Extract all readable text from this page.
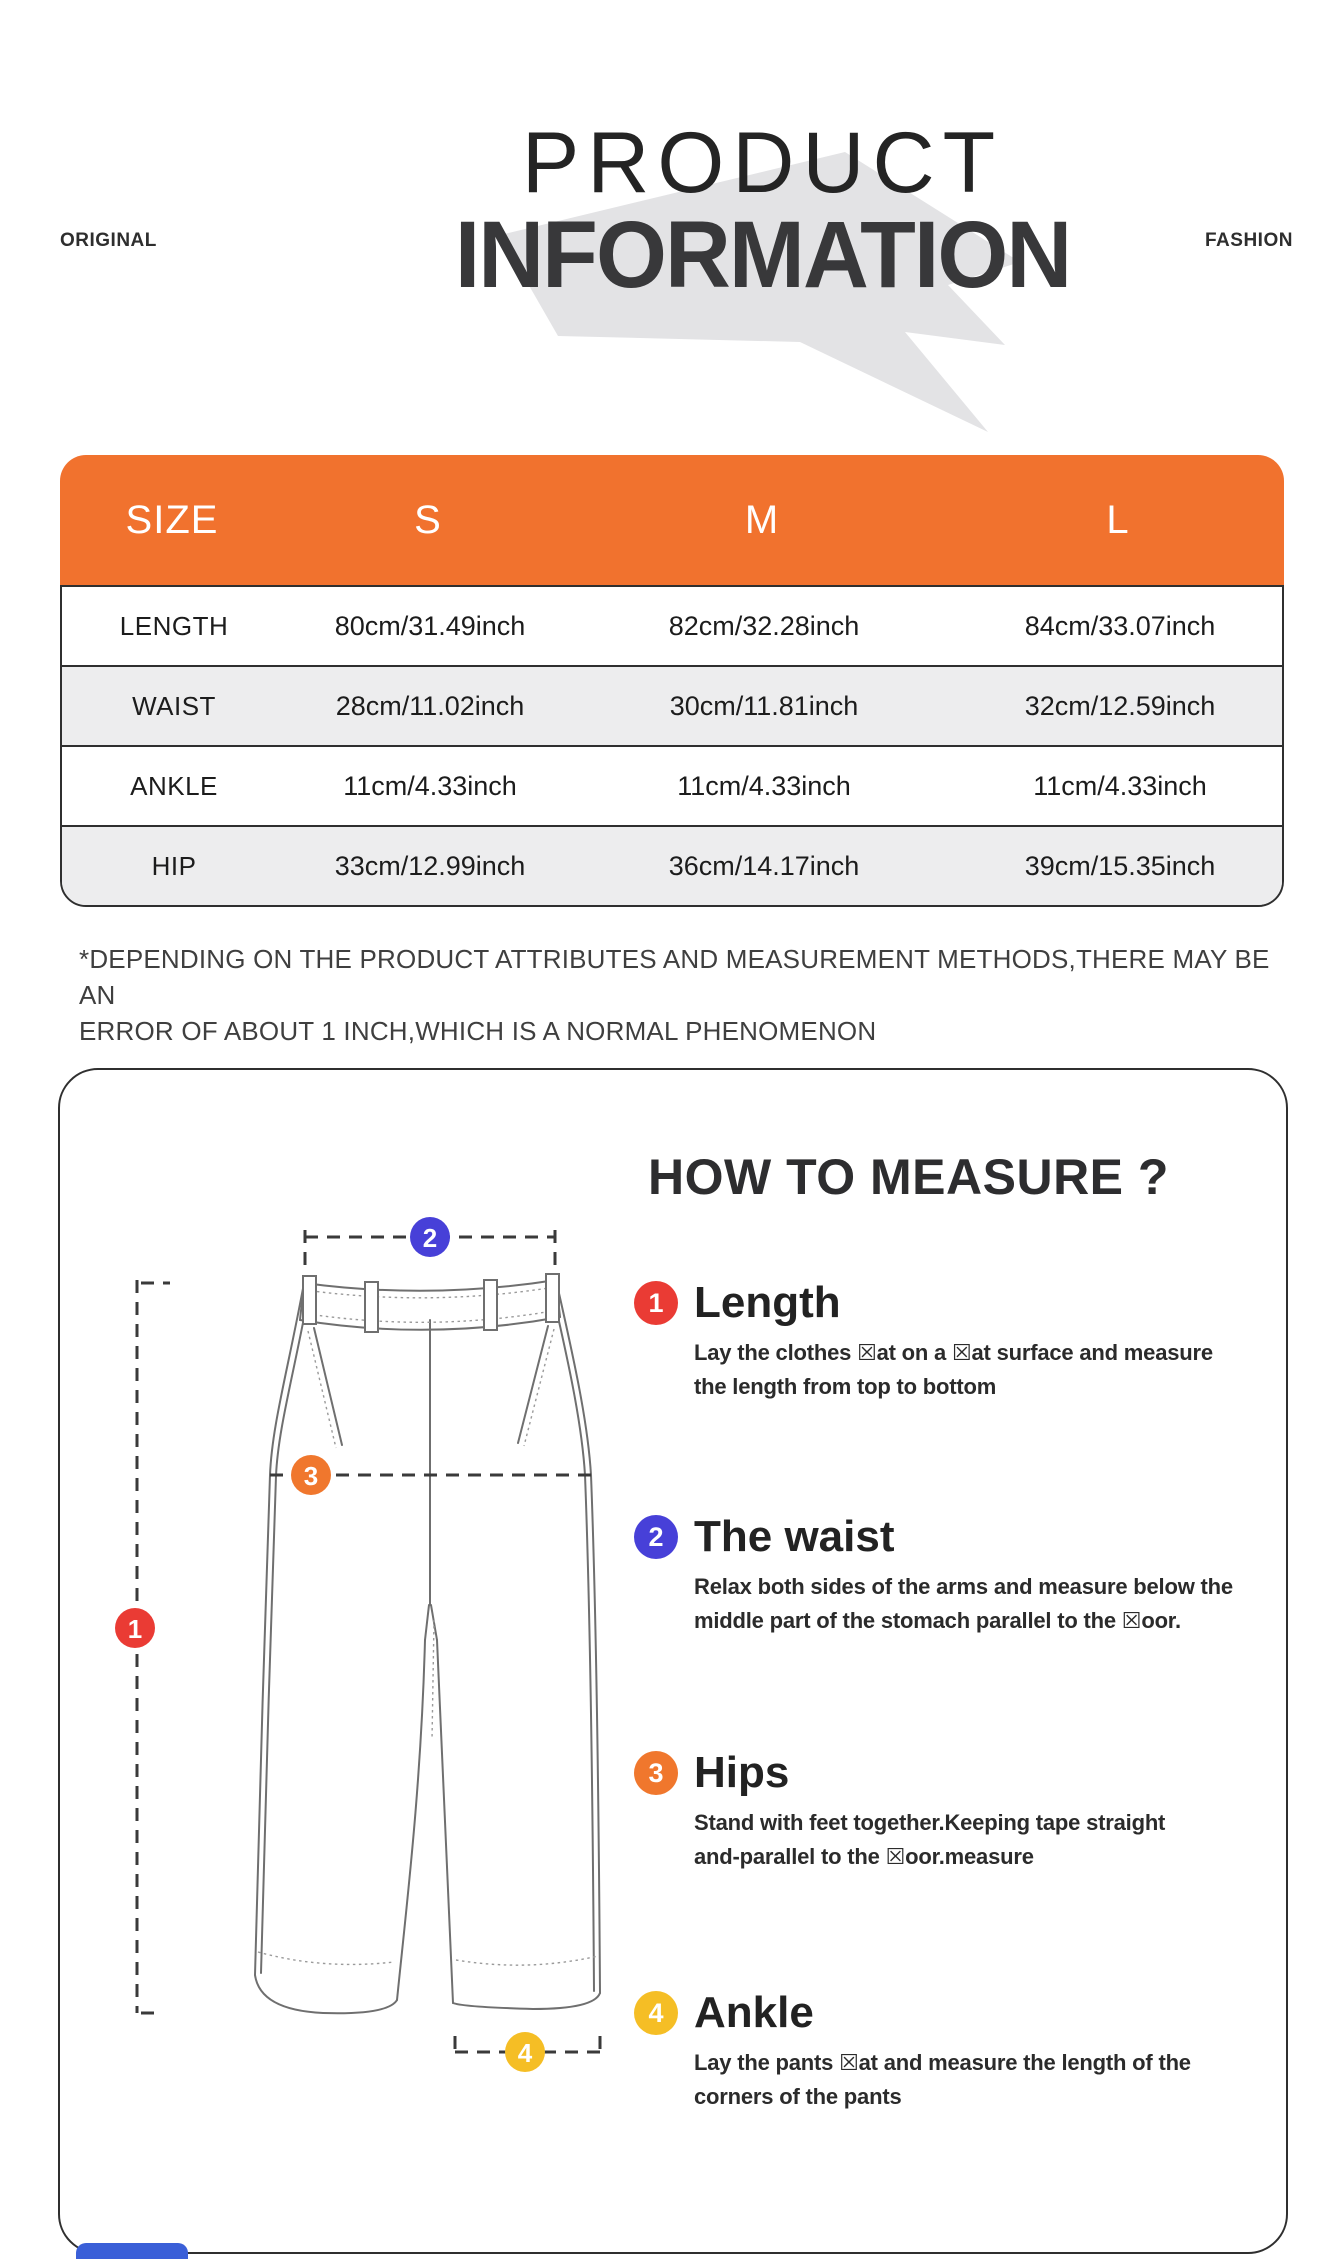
ORIGINAL	FASHION
PRODUCT
INFORMATION
SIZE	S	M	L
LENGTH	80cm/31.49inch	82cm/32.28inch	84cm/33.07inch
WAIST	28cm/11.02inch	30cm/11.81inch	32cm/12.59inch
ANKLE	11cm/4.33inch	11cm/4.33inch	11cm/4.33inch
HIP	33cm/12.99inch	36cm/14.17inch	39cm/15.35inch
*DEPENDING ON THE PRODUCT ATTRIBUTES AND MEASUREMENT METHODS,THERE MAY BE AN
ERROR OF ABOUT 1 INCH,WHICH IS A NORMAL PHENOMENON
HOW TO MEASURE ?
2
1
3
4
1 Length
Lay the clothes ☒at on a ☒at surface and measure
the length from top to bottom
2 The waist
Relax both sides of the arms and measure below the
middle part of the stomach parallel to the ☒oor.
3 Hips
Stand with feet together.Keeping tape straight
and-parallel to the ☒oor.measure
4 Ankle
Lay the pants ☒at and measure the length of the
corners of the pants
